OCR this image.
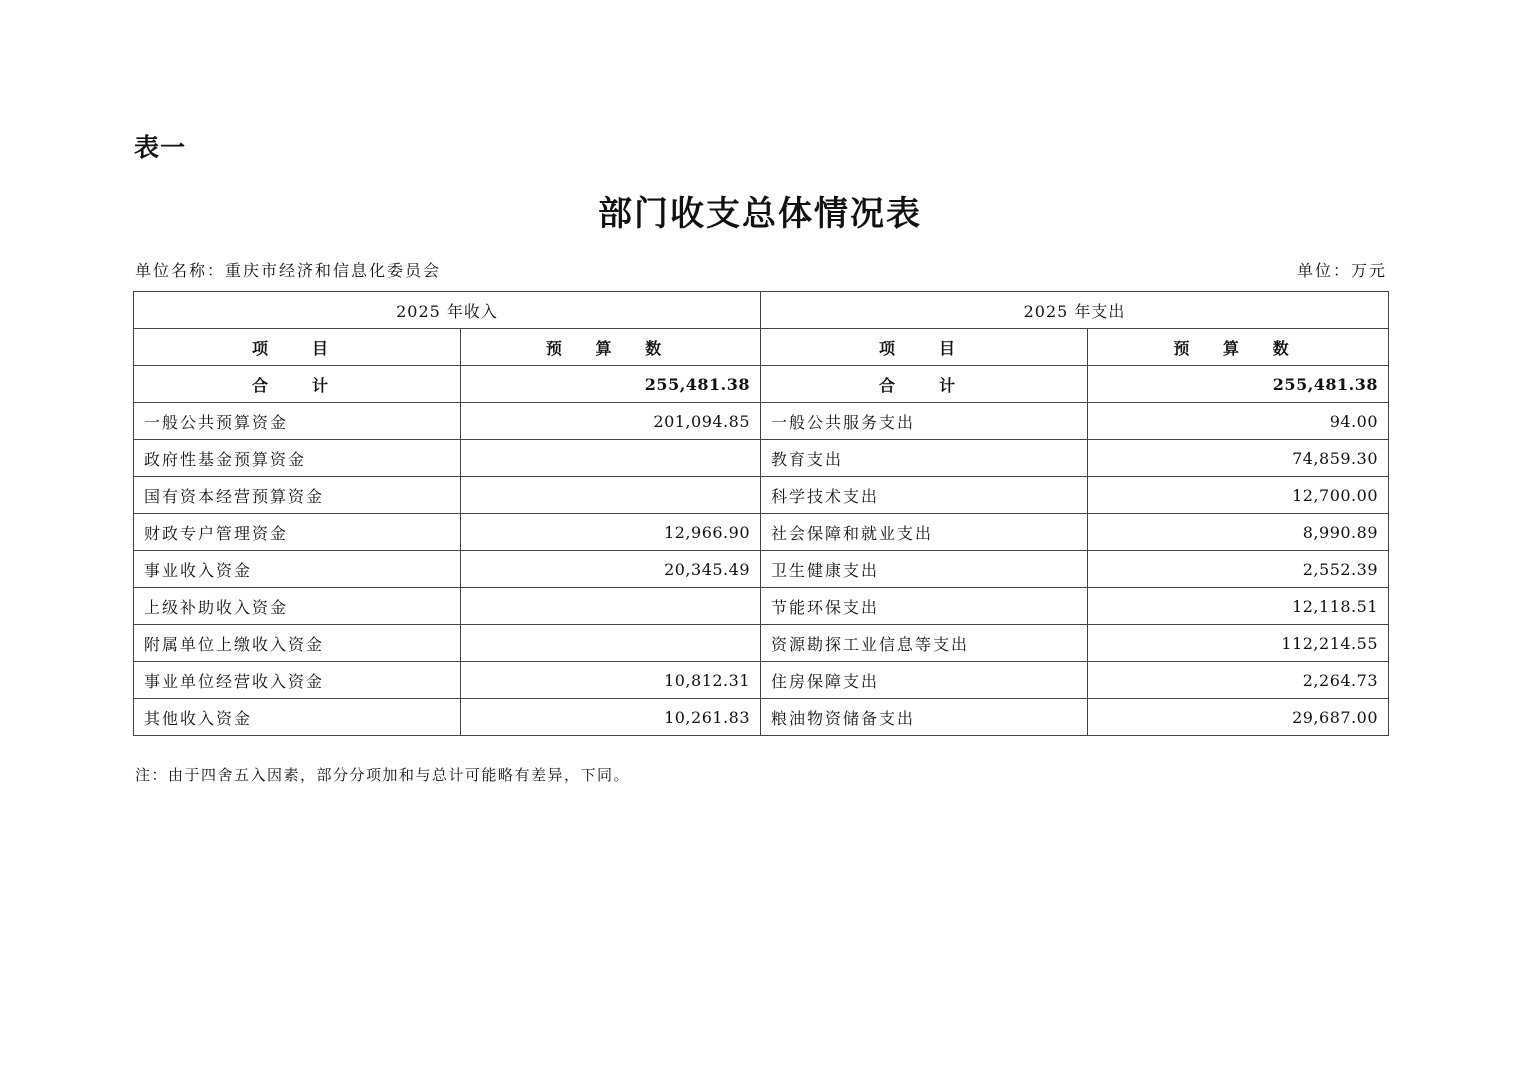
表一
部门收支总体情况表
单位名称：重庆市经济和信息化委员会	单位：万元
2025 年收入		2025 年支出	
项　目	预 算 数	项　目	预 算 数
合　计	255,481.38	合　计	255,481.38
一般公共预算资金	201,094.85	一般公共服务支出	94.00
政府性基金预算资金		教育支出	74,859.30
国有资本经营预算资金		科学技术支出	12,700.00
财政专户管理资金	12,966.90	社会保障和就业支出	8,990.89
事业收入资金	20,345.49	卫生健康支出	2,552.39
上级补助收入资金		节能环保支出	12,118.51
附属单位上缴收入资金		资源勘探工业信息等支出	112,214.55
事业单位经营收入资金	10,812.31	住房保障支出	2,264.73
其他收入资金	10,261.83	粮油物资储备支出	29,687.00
注：由于四舍五入因素，部分分项加和与总计可能略有差异，下同。
